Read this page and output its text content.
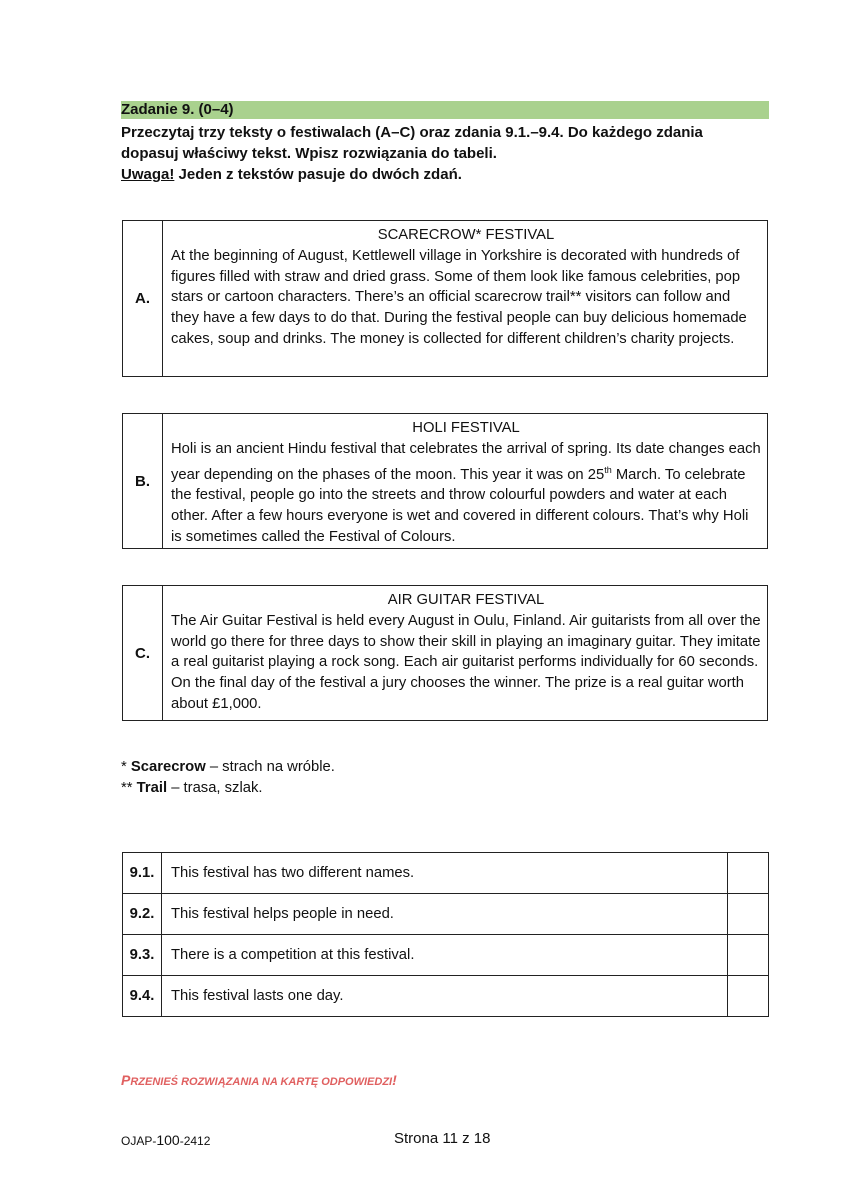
Zadanie 9. (0–4)
Przeczytaj trzy teksty o festiwalach (A–C) oraz zdania 9.1.–9.4. Do każdego zdania
dopasuj właściwy tekst. Wpisz rozwiązania do tabeli.
Uwaga! Jeden z tekstów pasuje do dwóch zdań.
A.
SCARECROW* FESTIVAL

At the beginning of August, Kettlewell village in Yorkshire is decorated with hundreds of figures filled with straw and dried grass. Some of them look like famous celebrities, pop stars or cartoon characters. There’s an official scarecrow trail** visitors can follow and they have a few days to do that. During the festival people can buy delicious homemade cakes, soup and drinks. The money is collected for different children’s charity projects.

B.
HOLI FESTIVAL

Holi is an ancient Hindu festival that celebrates the arrival of spring. Its date changes each year depending on the phases of the moon. This year it was on 25th March. To celebrate the festival, people go into the streets and throw colourful powders and water at each other. After a few hours everyone is wet and covered in different colours. That’s why Holi is sometimes called the Festival of Colours.

C.
AIR GUITAR FESTIVAL

The Air Guitar Festival is held every August in Oulu, Finland. Air guitarists from all over the world go there for three days to show their skill in playing an imaginary guitar. They imitate a real guitarist playing a rock song. Each air guitarist performs individually for 60 seconds. On the final day of the festival a jury chooses the winner. The prize is a real guitar worth about £1,000.

* Scarecrow – strach na wróble.
** Trail – trasa, szlak.
9.1.	This festival has two different names.	
9.2.	This festival helps people in need.	
9.3.	There is a competition at this festival.	
9.4.	This festival lasts one day.	
PRZENIEŚ ROZWIĄZANIA NA KARTĘ ODPOWIEDZI!
OJAP-100-2412	Strona 11 z 18
